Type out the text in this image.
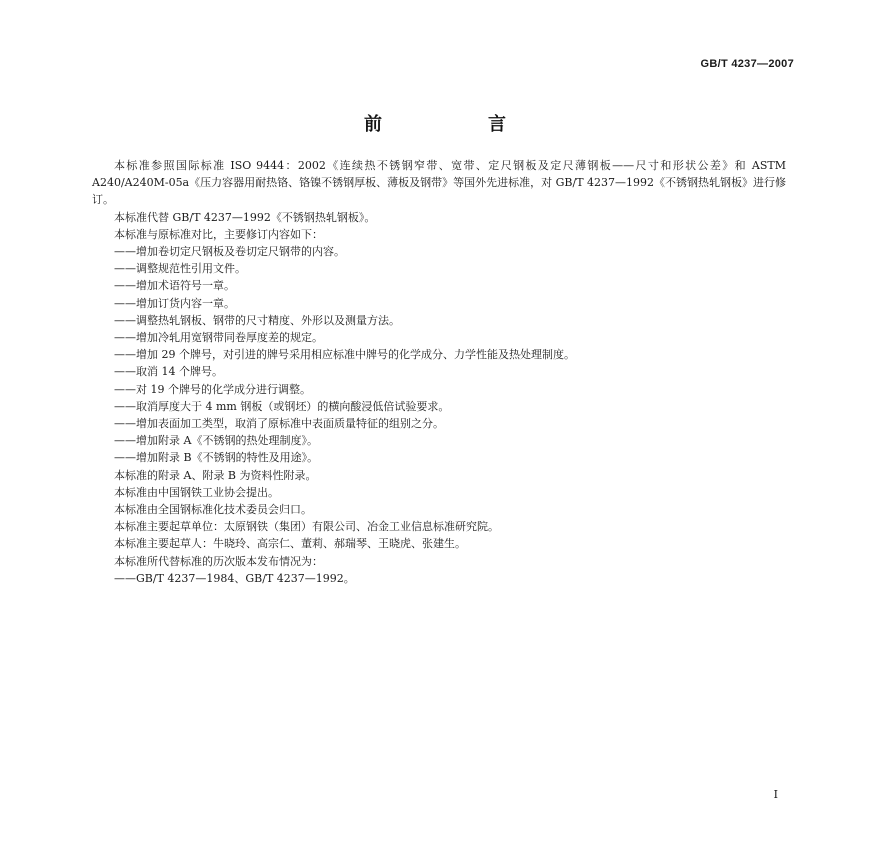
GB/T 4237—2007
前　言

本标准参照国际标准 ISO 9444：2002《连续热不锈钢窄带、宽带、定尺钢板及定尺薄钢板——尺寸和形状公差》和 ASTM A240/A240M-05a《压力容器用耐热铬、铬镍不锈钢厚板、薄板及钢带》等国外先进标准，对 GB/T 4237—1992《不锈钢热轧钢板》进行修订。

本标准代替 GB/T 4237—1992《不锈钢热轧钢板》。

本标准与原标准对比，主要修订内容如下：

——增加卷切定尺钢板及卷切定尺钢带的内容。

——调整规范性引用文件。

——增加术语符号一章。

——增加订货内容一章。

——调整热轧钢板、钢带的尺寸精度、外形以及测量方法。

——增加冷轧用宽钢带同卷厚度差的规定。

——增加 29 个牌号，对引进的牌号采用相应标准中牌号的化学成分、力学性能及热处理制度。

——取消 14 个牌号。

——对 19 个牌号的化学成分进行调整。

——取消厚度大于 4 mm 钢板（或钢坯）的横向酸浸低倍试验要求。

——增加表面加工类型，取消了原标准中表面质量特征的组别之分。

——增加附录 A《不锈钢的热处理制度》。

——增加附录 B《不锈钢的特性及用途》。

本标准的附录 A、附录 B 为资料性附录。

本标准由中国钢铁工业协会提出。

本标准由全国钢标准化技术委员会归口。

本标准主要起草单位：太原钢铁（集团）有限公司、冶金工业信息标准研究院。

本标准主要起草人：牛晓玲、高宗仁、董莉、郝瑞琴、王晓虎、张建生。

本标准所代替标准的历次版本发布情况为：

——GB/T 4237—1984、GB/T 4237—1992。

I
